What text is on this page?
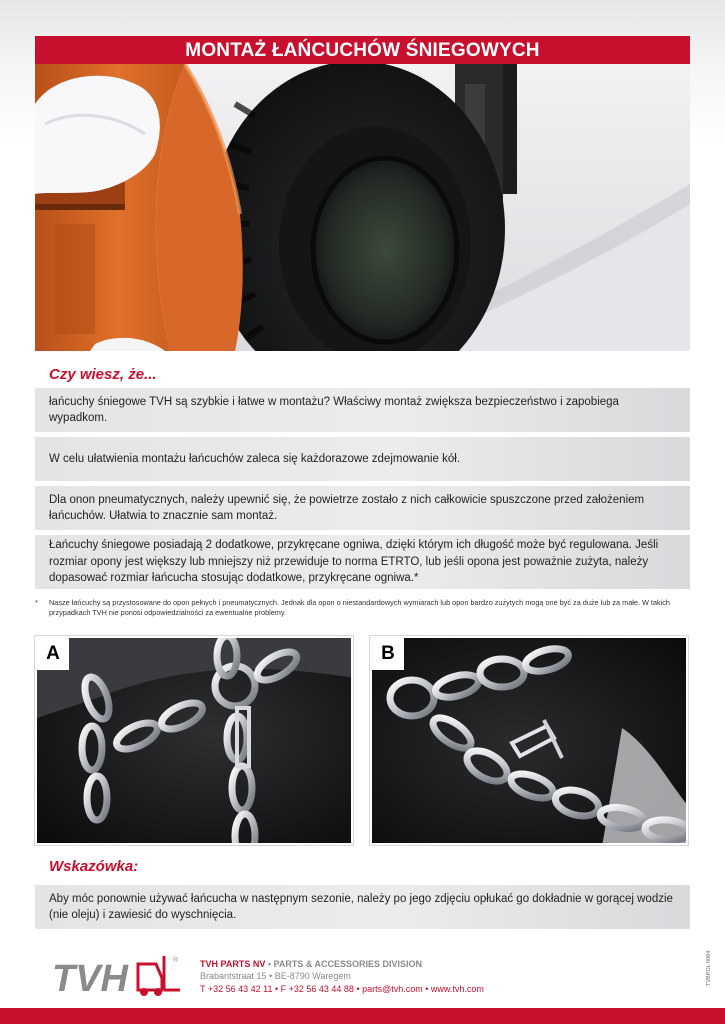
MONTAŻ ŁAŃCUCHÓW ŚNIEGOWYCH
Czy wiesz, że...
łańcuchy śniegowe TVH są szybkie i łatwe w montażu? Właściwy montaż zwiększa bezpieczeństwo i zapobiega wypadkom.
W celu ułatwienia montażu łańcuchów zaleca się każdorazowe zdejmowanie kół.
Dla onon pneumatycznych, należy upewnić się, że powietrze zostało z nich całkowicie spuszczone przed założeniem łańcuchów. Ułatwia to znacznie sam montaż.
Łańcuchy śniegowe posiadają 2 dodatkowe, przykręcane ogniwa, dzięki którym ich długość może być regulowana. Jeśli rozmiar opony jest większy lub mniejszy niż przewiduje to norma ETRTO, lub jeśli opona jest poważnie zużyta, należy dopasować rozmiar łańcucha stosując dodatkowe, przykręcane ogniwa.*
*	Nasze łańcuchy są przystosowane do opon pełnych i pneumatycznych. Jednak dla opon o niestandardowych wymiarach lub opon bardzo zużytych mogą one być za duże lub za małe. W takich przypadkach TVH nie ponosi odpowiedzialności za ewentualne problemy.
A	B
Wskazówka:
Aby móc ponownie używać łańcucha w następnym sezonie, należy po jego zdjęciu opłukać go dokładnie w gorącej wodzie (nie oleju) i zawiesić do wyschnięcia.
TVH	® TVH PARTS NV • PARTS & ACCESSORIES DIVISION
Brabantstraat 15 • BE-8790 Waregem
T +32 56 43 42 11 • F +32 56 43 44 88 • parts@tvh.com • www.tvh.com
TVBPOL 0064
